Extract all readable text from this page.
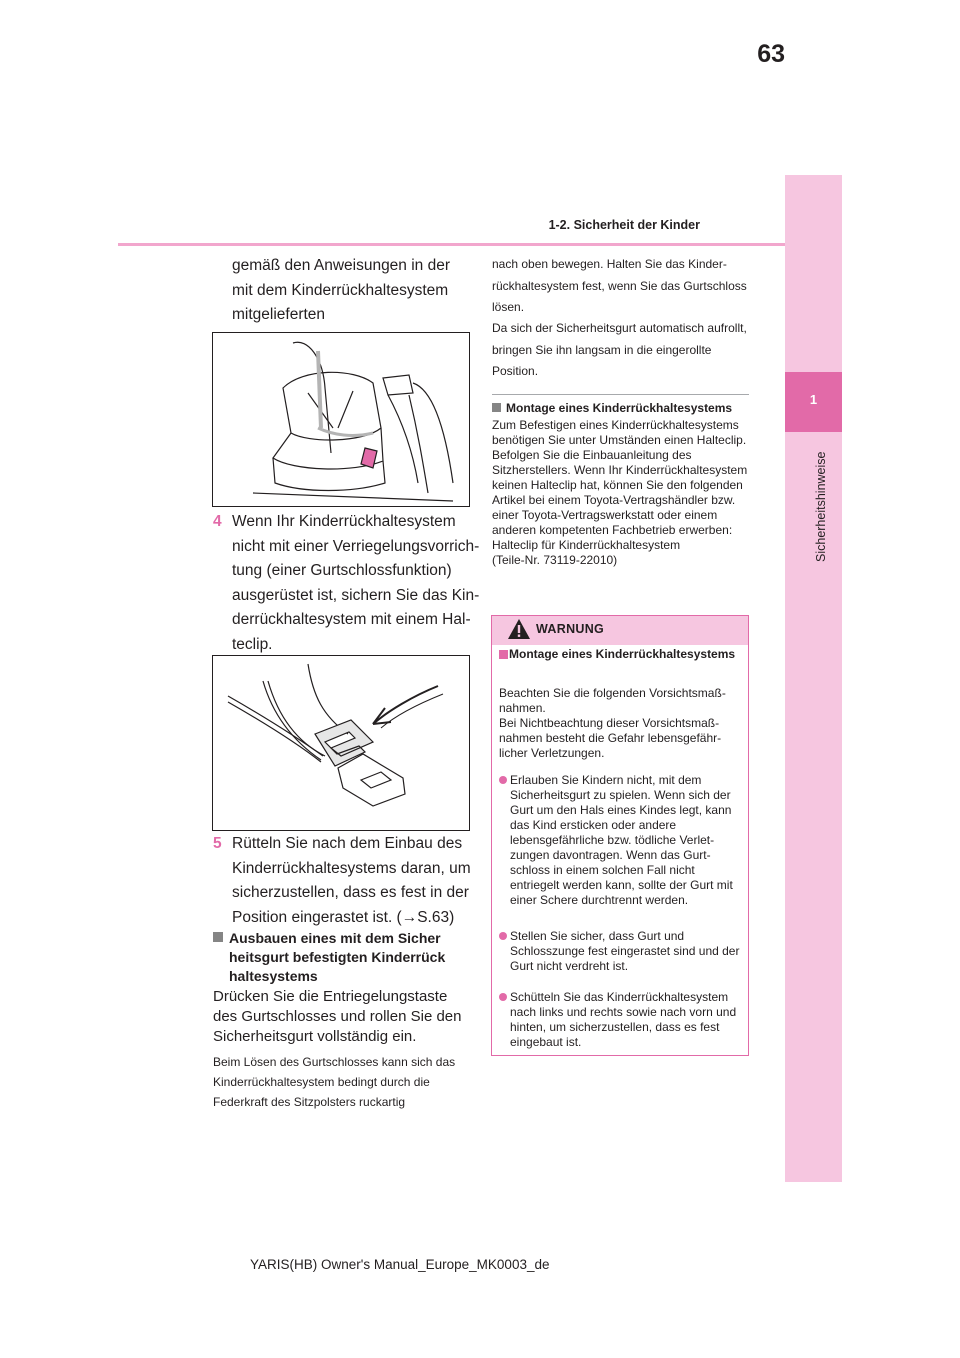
63
1-2. Sicherheit der Kinder
1
Sicherheitshinweise
gemäß den Anweisungen in der mit dem Kinderrückhaltesystem mitgelieferten
4 Wenn Ihr Kinderrückhaltesystem nicht mit einer Verriegelungsvorrichtung (einer Gurtschlossfunktion) ausgerüstet ist, sichern Sie das Kinderrückhaltesystem mit einem Halteclip.
5 Rütteln Sie nach dem Einbau des Kinderrückhaltesystems daran, um sicherzustellen, dass es fest in der Position eingerastet ist. (→S.63)
Ausbauen eines mit dem Sicher
heitsgurt befestigten Kinderrück
haltesystems
Drücken Sie die Entriegelungstaste des Gurtschlosses und rollen Sie den Sicherheitsgurt vollständig ein.
Beim Lösen des Gurtschlosses kann sich das Kinderrückhaltesystem bedingt durch die Federkraft des Sitzpolsters ruckartig
nach oben bewegen. Halten Sie das Kinderrückhaltesystem fest, wenn Sie das Gurtschloss lösen.
Da sich der Sicherheitsgurt automatisch aufrollt, bringen Sie ihn langsam in die eingerollte Position.
Montage eines Kinderrückhaltesystems
Zum Befestigen eines Kinderrückhaltesystems benötigen Sie unter Umständen einen Halteclip. Befolgen Sie die Einbauanleitung des Sitzherstellers. Wenn Ihr Kinderrückhaltesystem keinen Halteclip hat, können Sie den folgenden Artikel bei einem Toyota-Vertragshändler bzw. einer Toyota-Vertragswerkstatt oder einem anderen kompetenten Fachbetrieb erwerben: Halteclip für Kinderrückhaltesystem
(Teile-Nr. 73119-22010)
WARNUNG
Montage eines Kinderrückhaltesystems
Beachten Sie die folgenden Vorsichtsmaßnahmen.
Bei Nichtbeachtung dieser Vorsichtsmaßnahmen besteht die Gefahr lebensgefährlicher Verletzungen.
Erlauben Sie Kindern nicht, mit dem Sicherheitsgurt zu spielen. Wenn sich der Gurt um den Hals eines Kindes legt, kann das Kind ersticken oder andere lebensgefährliche bzw. tödliche Verletzungen davontragen. Wenn das Gurtschloss in einem solchen Fall nicht entriegelt werden kann, sollte der Gurt mit einer Schere durchtrennt werden.
Stellen Sie sicher, dass Gurt und Schlosszunge fest eingerastet sind und der Gurt nicht verdreht ist.
Schütteln Sie das Kinderrückhaltesystem nach links und rechts sowie nach vorn und hinten, um sicherzustellen, dass es fest eingebaut ist.
YARIS(HB) Owner's Manual_Europe_MK0003_de
